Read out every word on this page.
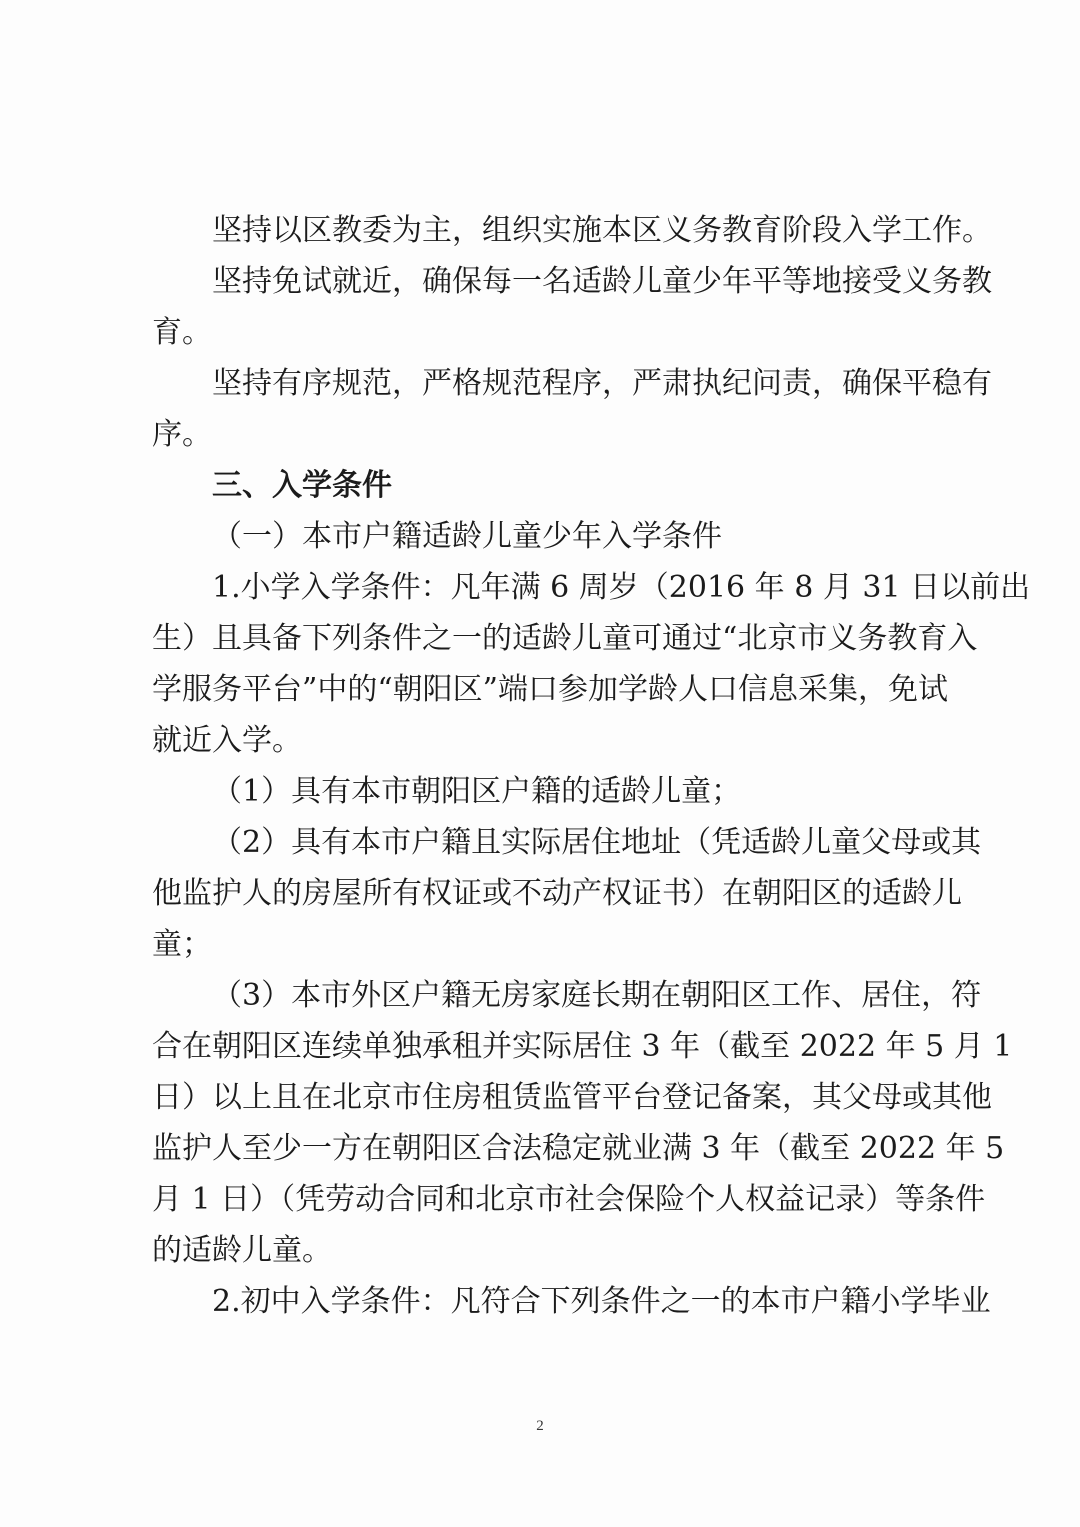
坚持以区教委为主，组织实施本区义务教育阶段入学工作。
坚持免试就近，确保每一名适龄儿童少年平等地接受义务教
育。
坚持有序规范，严格规范程序，严肃执纪问责，确保平稳有
序。
三、入学条件
（一）本市户籍适龄儿童少年入学条件
1.小学入学条件：凡年满 6 周岁（2016 年 8 月 31 日以前出
生）且具备下列条件之一的适龄儿童可通过“北京市义务教育入
学服务平台”中的“朝阳区”端口参加学龄人口信息采集，免试
就近入学。
（1）具有本市朝阳区户籍的适龄儿童；
（2）具有本市户籍且实际居住地址（凭适龄儿童父母或其
他监护人的房屋所有权证或不动产权证书）在朝阳区的适龄儿
童；
（3）本市外区户籍无房家庭长期在朝阳区工作、居住，符
合在朝阳区连续单独承租并实际居住 3 年（截至 2022 年 5 月 1
日）以上且在北京市住房租赁监管平台登记备案，其父母或其他
监护人至少一方在朝阳区合法稳定就业满 3 年（截至 2022 年 5
月 1 日）（凭劳动合同和北京市社会保险个人权益记录）等条件
的适龄儿童。
2.初中入学条件：凡符合下列条件之一的本市户籍小学毕业
2
